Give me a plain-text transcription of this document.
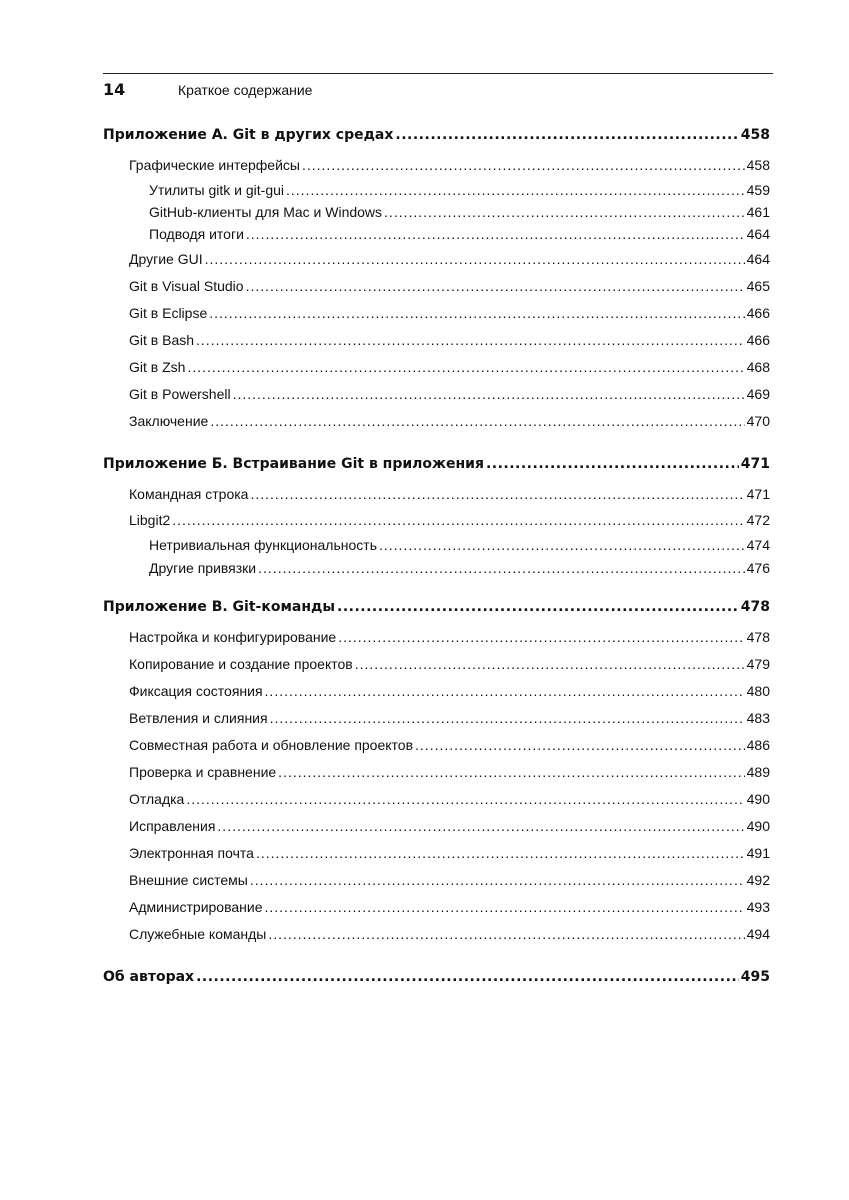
14	Краткое содержание
Приложение А. Git в других средах .....	458
Графические интерфейсы .....	458
Утилиты gitk и git-gui .....	459
GitHub-клиенты для Mac и Windows .....	461
Подводя итоги .....	464
Другие GUI .....	464
Git в Visual Studio .....	465
Git в Eclipse .....	466
Git в Bash .....	466
Git в Zsh .....	468
Git в Powershell .....	469
Заключение .....	470
Приложение Б. Встраивание Git в приложения .....	471
Командная строка .....	471
Libgit2 .....	472
Нетривиальная функциональность .....	474
Другие привязки .....	476
Приложение В. Git-команды .....	478
Настройка и конфигурирование .....	478
Копирование и создание проектов .....	479
Фиксация состояния .....	480
Ветвления и слияния .....	483
Совместная работа и обновление проектов .....	486
Проверка и сравнение .....	489
Отладка .....	490
Исправления .....	490
Электронная почта .....	491
Внешние системы .....	492
Администрирование .....	493
Служебные команды .....	494
Об авторах .....	495
